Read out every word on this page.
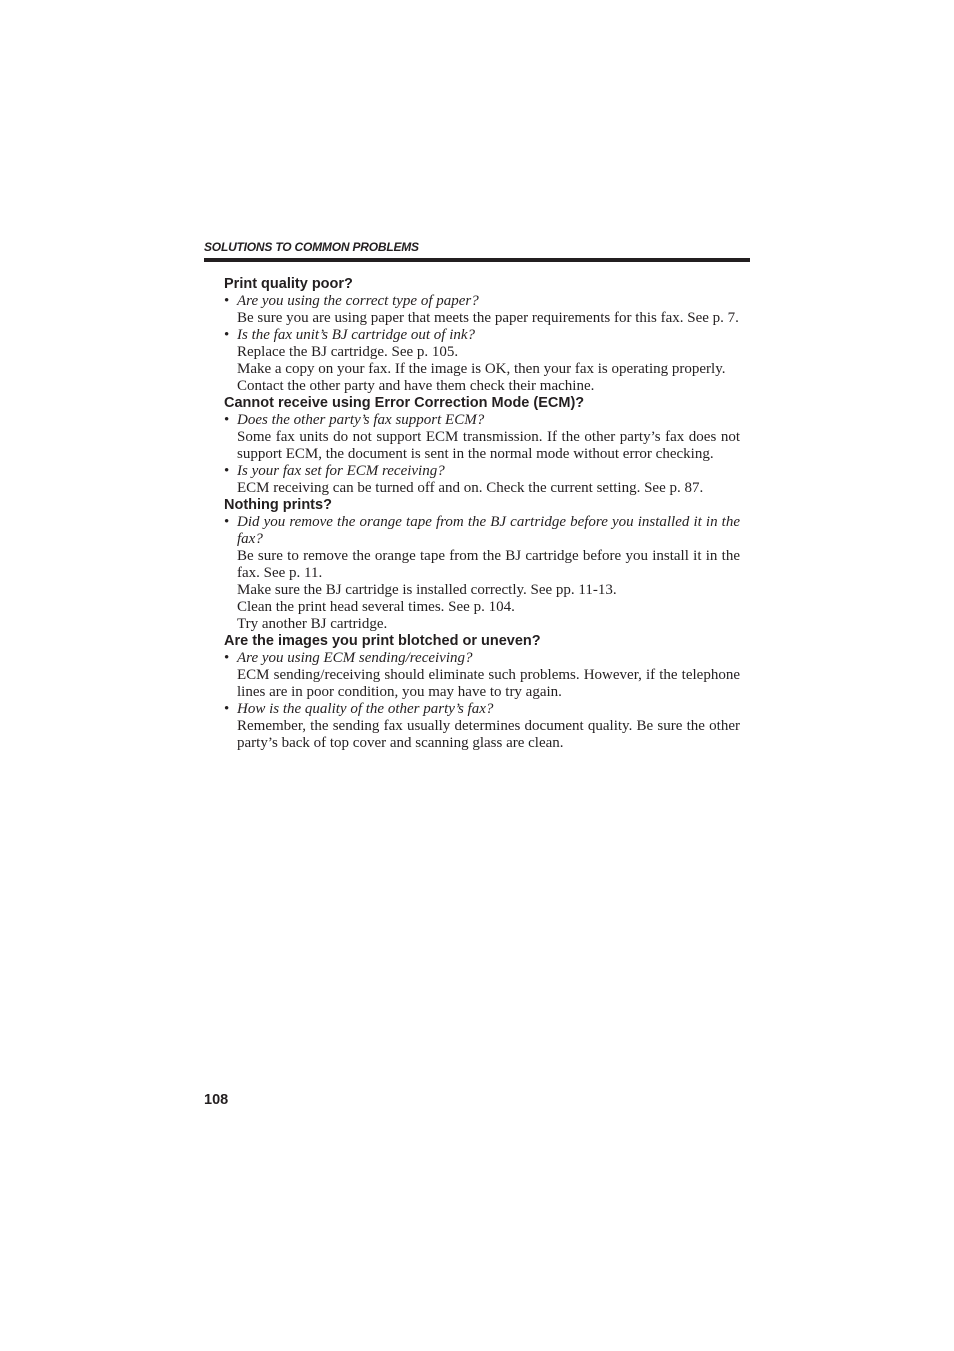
SOLUTIONS TO COMMON PROBLEMS
Print quality poor?
• Are you using the correct type of paper?
Be sure you are using paper that meets the paper requirements for this fax. See p. 7.
• Is the fax unit’s BJ cartridge out of ink?
Replace the BJ cartridge. See p. 105.
Make a copy on your fax. If the image is OK, then your fax is operating properly.
Contact the other party and have them check their machine.
Cannot receive using Error Correction Mode (ECM)?
• Does the other party’s fax support ECM?
Some fax units do not support ECM transmission. If the other party’s fax does not support ECM, the document is sent in the normal mode without error checking.
• Is your fax set for ECM receiving?
ECM receiving can be turned off and on. Check the current setting. See p. 87.
Nothing prints?
• Did you remove the orange tape from the BJ cartridge before you installed it in the fax?
Be sure to remove the orange tape from the BJ cartridge before you install it in the fax. See p. 11.
Make sure the BJ cartridge is installed correctly. See pp. 11-13.
Clean the print head several times. See p. 104.
Try another BJ cartridge.
Are the images you print blotched or uneven?
• Are you using ECM sending/receiving?
ECM sending/receiving should eliminate such problems. However, if the telephone lines are in poor condition, you may have to try again.
• How is the quality of the other party’s fax?
Remember, the sending fax usually determines document quality. Be sure the other party’s back of top cover and scanning glass are clean.
108
